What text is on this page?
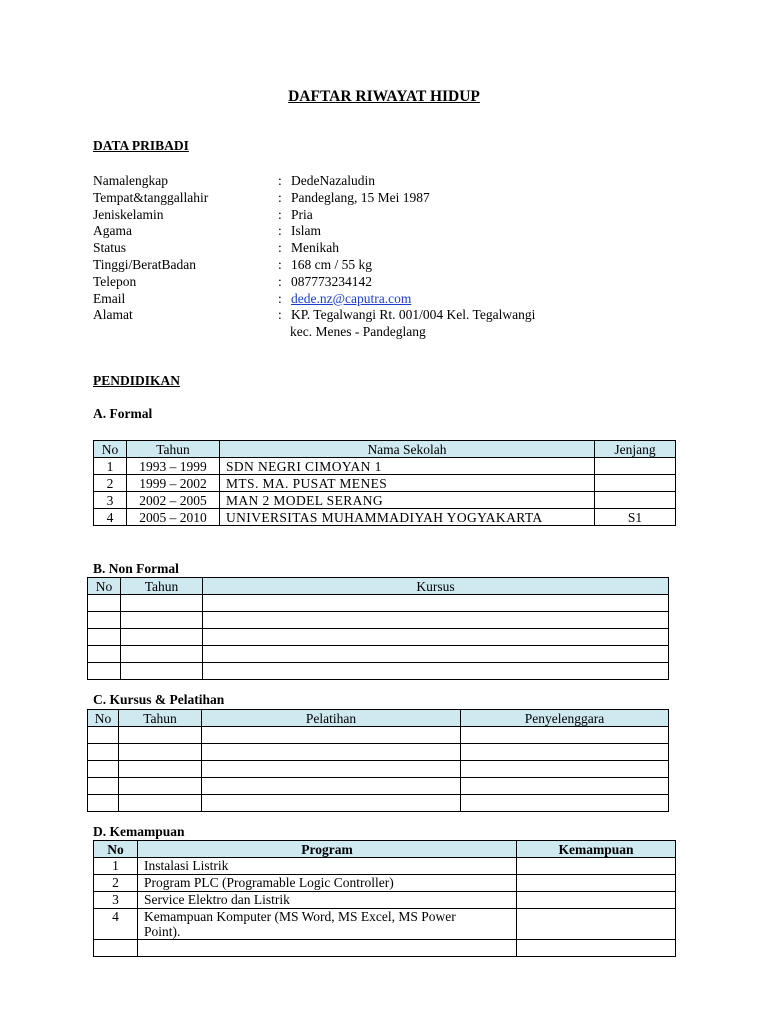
DAFTAR RIWAYAT HIDUP
DATA PRIBADI
Namalengkap	: DedeNazaludin
Tempat&tanggallahir	: Pandeglang, 15 Mei 1987
Jeniskelamin	: Pria
Agama	: Islam
Status	: Menikah
Tinggi/BeratBadan	: 168 cm / 55 kg
Telepon	: 087773234142
Email	: dede.nz@caputra.com
Alamat	: KP. Tegalwangi Rt. 001/004 Kel. Tegalwangi
kec. Menes - Pandeglang
PENDIDIKAN
A. Formal
No	Tahun	Nama Sekolah	Jenjang
1	1993 – 1999	SDN NEGRI CIMOYAN 1	
2	1999 – 2002	MTS. MA. PUSAT MENES	
3	2002 – 2005	MAN 2 MODEL SERANG	
4	2005 – 2010	UNIVERSITAS MUHAMMADIYAH YOGYAKARTA	S1
B. Non Formal
No	Tahun	Kursus

C. Kursus & Pelatihan
No	Tahun	Pelatihan	Penyelenggara

D. Kemampuan
No	Program	Kemampuan
1	Instalasi Listrik	
2	Program PLC (Programable Logic Controller)	
3	Service Elektro dan Listrik	
4	Kemampuan Komputer (MS Word, MS Excel, MS Power
Point).	
